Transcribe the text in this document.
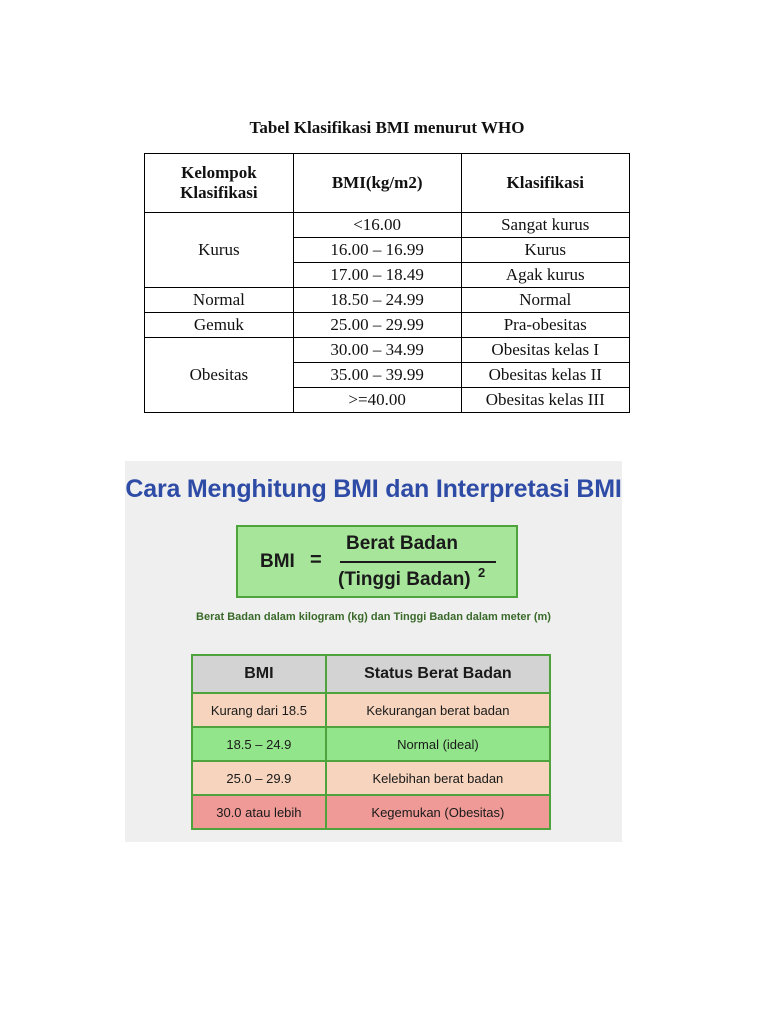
Tabel Klasifikasi BMI menurut WHO
Kelompok Klasifikasi	BMI(kg/m2)	Klasifikasi
Kurus	<16.00	Sangat kurus
	16.00 – 16.99	Kurus
	17.00 – 18.49	Agak kurus
Normal	18.50 – 24.99	Normal
Gemuk	25.00 – 29.99	Pra-obesitas
Obesitas	30.00 – 34.99	Obesitas kelas I
	35.00 – 39.99	Obesitas kelas II
	>=40.00	Obesitas kelas III
Cara Menghitung BMI dan Interpretasi BMI
BMI =
Berat Badan
(Tinggi Badan) 2
Berat Badan dalam kilogram (kg) dan Tinggi Badan dalam meter (m)
BMI	Status Berat Badan
Kurang dari 18.5	Kekurangan berat badan
18.5 – 24.9	Normal (ideal)
25.0 – 29.9	Kelebihan berat badan
30.0 atau lebih	Kegemukan (Obesitas)
